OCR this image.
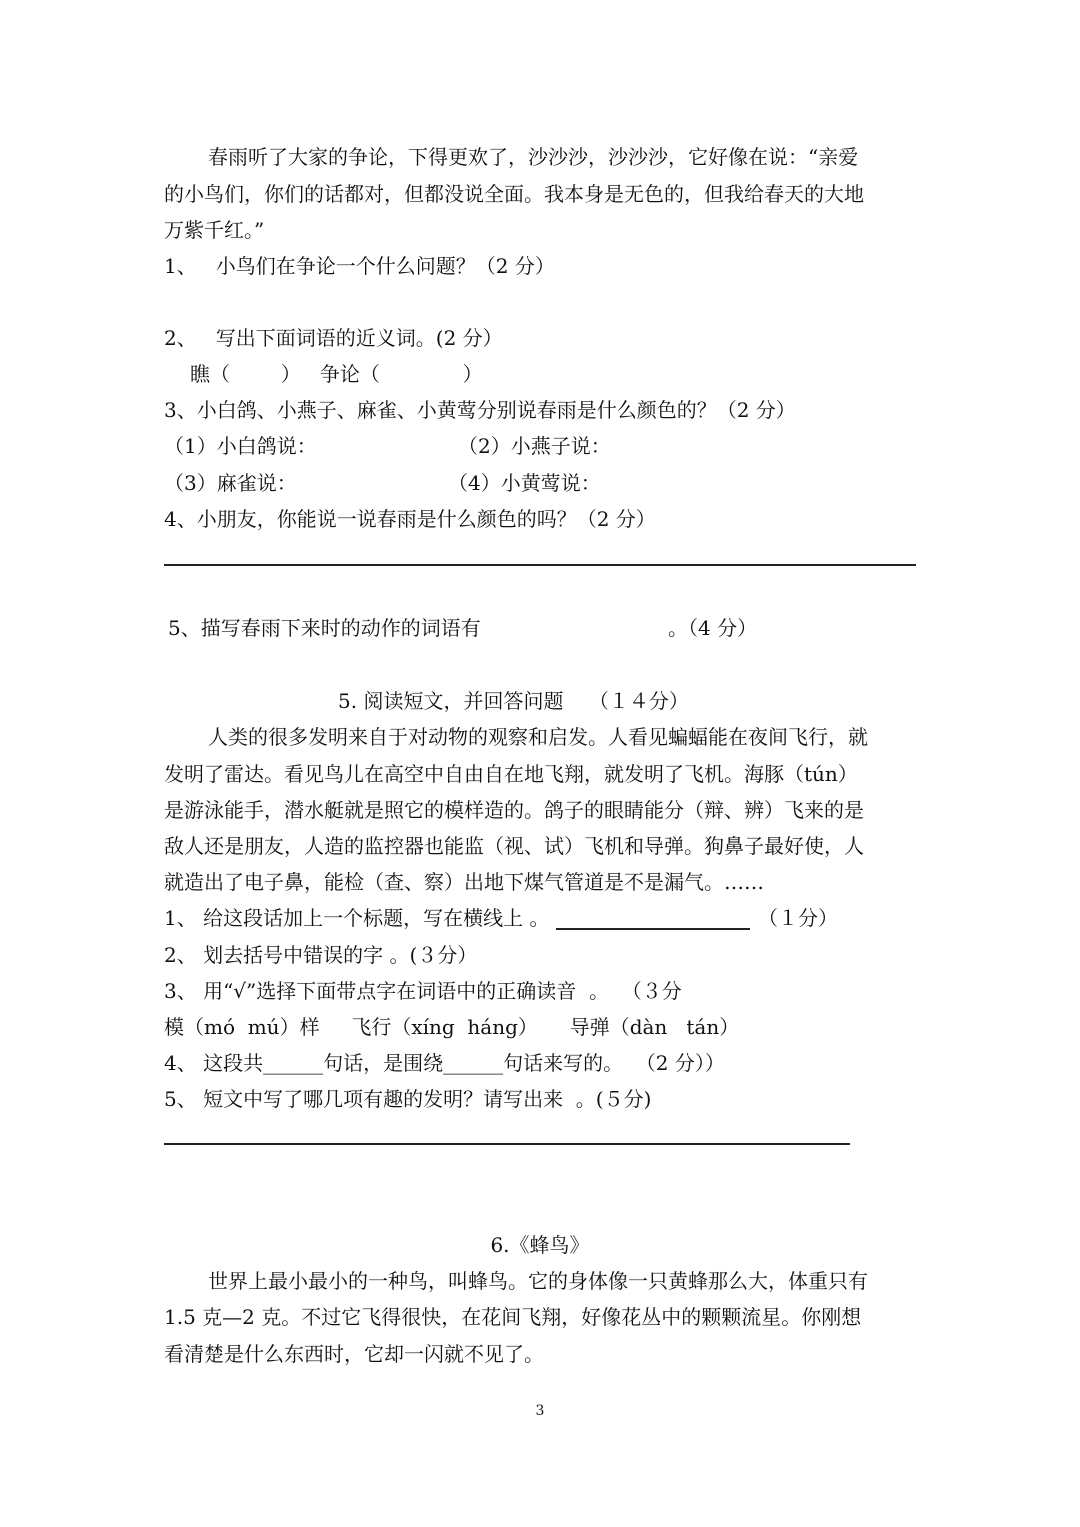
春雨听了大家的争论，下得更欢了，沙沙沙，沙沙沙，它好像在说：“亲爱
的小鸟们，你们的话都对，但都没说全面。我本身是无色的，但我给春天的大地
万紫千红。”
1、   小鸟们在争论一个什么问题？（2 分）
2、   写出下面词语的近义词。(2 分）
瞧（        ）   争论（             ）
3、小白鸽、小燕子、麻雀、小黄莺分别说春雨是什么颜色的？（2 分）
（1）小白鸽说：	（2）小燕子说：
（3）麻雀说：	（4）小黄莺说：
4、小朋友，你能说一说春雨是什么颜色的吗？（2 分）
5、描写春雨下来时的动作的词语有	。（4 分）
5. 阅读短文，并回答问题    （１４分）
人类的很多发明来自于对动物的观察和启发。人看见蝙蝠能在夜间飞行，就
发明了雷达。看见鸟儿在高空中自由自在地飞翔，就发明了飞机。海豚（tún）
是游泳能手，潜水艇就是照它的模样造的。鸽子的眼睛能分（辩、辨）飞来的是
敌人还是朋友，人造的监控器也能监（视、试）飞机和导弹。狗鼻子最好使，人
就造出了电子鼻，能检（查、察）出地下煤气管道是不是漏气。……
1、 给这段话加上一个标题，写在横线上 。	（１分）
2、 划去括号中错误的字 。(３分）
3、 用“√”选择下面带点字在词语中的正确读音  。  （３分
模（mó  mú）样     飞行（xíng  háng）     导弹（dàn   tán）
4、 这段共______句话，是围绕______句话来写的。  （2 分））
5、 短文中写了哪几项有趣的发明？请写出来  。(５分)
6.《蜂鸟》
世界上最小最小的一种鸟，叫蜂鸟。它的身体像一只黄蜂那么大，体重只有
1.5 克—2 克。不过它飞得很快，在花间飞翔，好像花丛中的颗颗流星。你刚想
看清楚是什么东西时，它却一闪就不见了。
3
